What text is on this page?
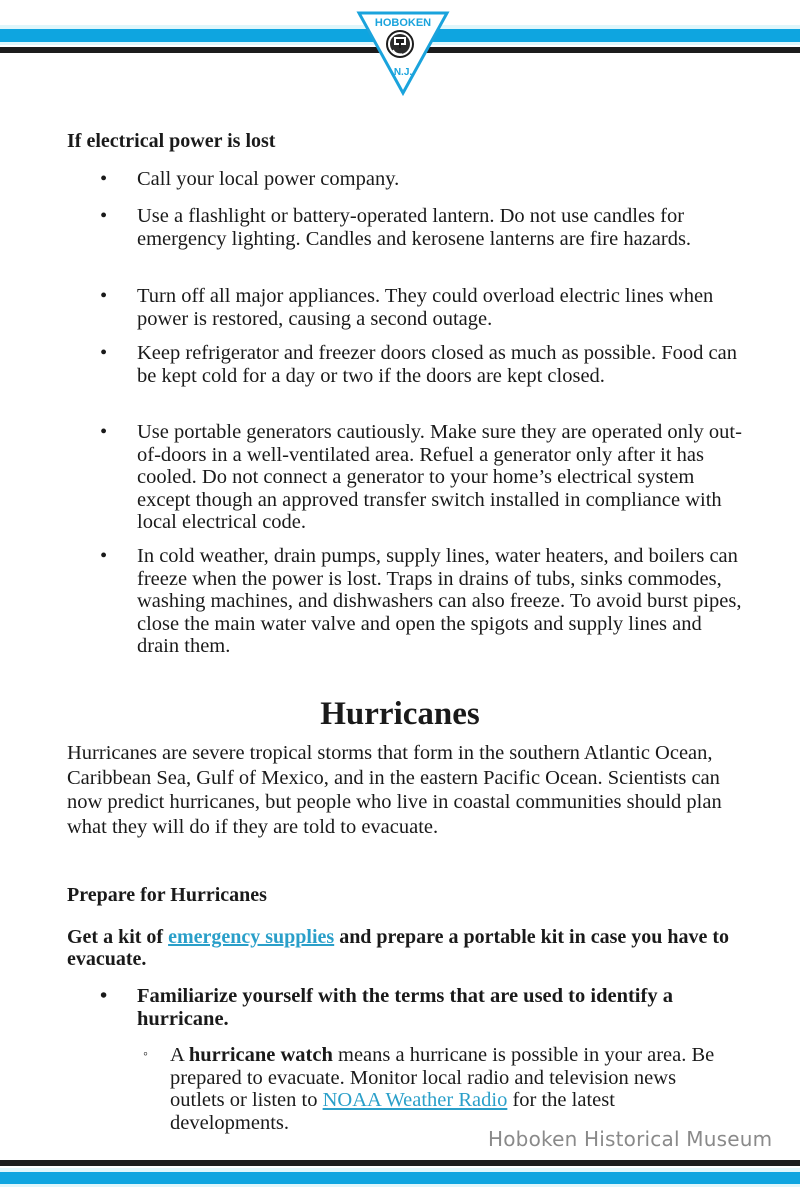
HOBOKEN
N.J.
If electrical power is lost
• Call your local power company.
• Use a flashlight or battery-operated lantern. Do not use candles for emergency lighting. Candles and kerosene lanterns are fire hazards.
• Turn off all major appliances. They could overload electric lines when power is restored, causing a second outage.
• Keep refrigerator and freezer doors closed as much as possible. Food can be kept cold for a day or two if the doors are kept closed.
• Use portable generators cautiously. Make sure they are operated only out-of-doors in a well-ventilated area. Refuel a generator only after it has cooled. Do not connect a generator to your home’s electrical system except though an approved transfer switch installed in compliance with local electrical code.
• In cold weather, drain pumps, supply lines, water heaters, and boilers can freeze when the power is lost. Traps in drains of tubs, sinks commodes, washing machines, and dishwashers can also freeze. To avoid burst pipes, close the main water valve and open the spigots and supply lines and drain them.
Hurricanes
Hurricanes are severe tropical storms that form in the southern Atlantic Ocean, Caribbean Sea, Gulf of Mexico, and in the eastern Pacific Ocean. Scientists can now predict hurricanes, but people who live in coastal communities should plan what they will do if they are told to evacuate.
Prepare for Hurricanes
Get a kit of emergency supplies and prepare a portable kit in case you have to evacuate.
• Familiarize yourself with the terms that are used to identify a hurricane.
◦ A hurricane watch means a hurricane is possible in your area. Be prepared to evacuate. Monitor local radio and television news outlets or listen to NOAA Weather Radio for the latest developments.
Hoboken Historical Museum
